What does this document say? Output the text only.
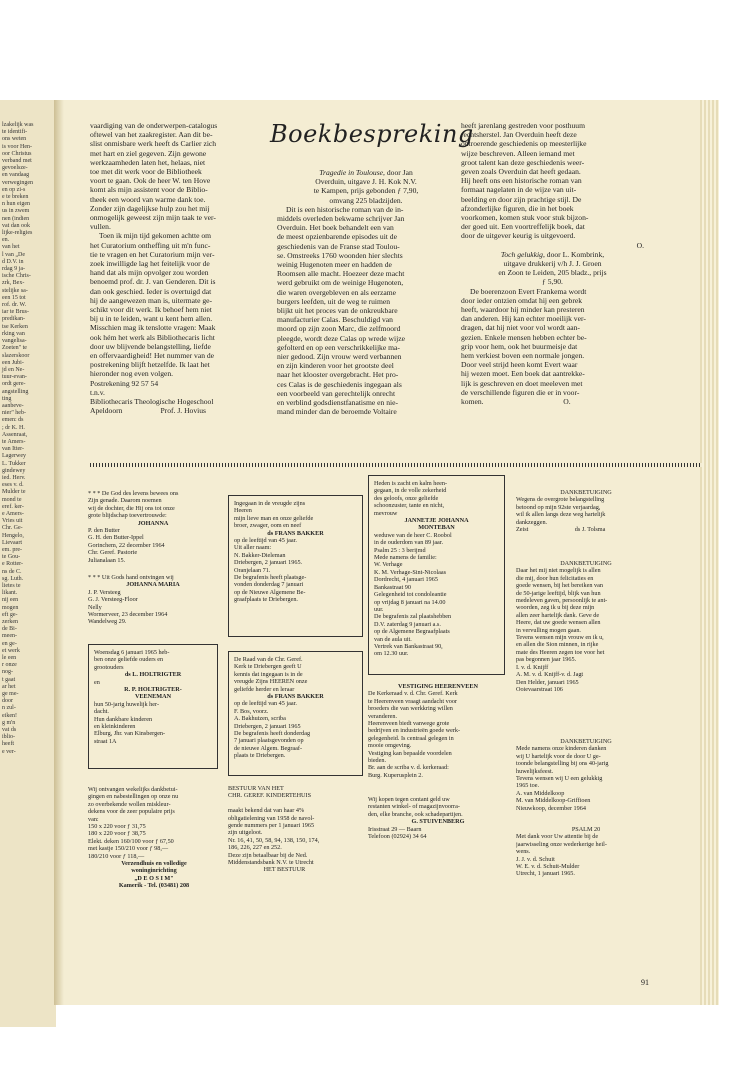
lzakelijk was
te identifi-
ons weten
is voor Hen-
oor Christus
verband met
gevoelsze-
en vandaag
verwegingen
en op zi-s
e te breken
n hun eigen
us in zwem
nen (indien
vat dan ook
lijke-religies
en.
van het
l van „De
d D.V. in
rdag 9 ja-
ische Chris-
zrk, Bex-
stelijke sa-
een 15 tot
rof. dr. W.
iar te Brus-
predikan-
tse Kerken
rking van
vangelisa-
Zoeten" te
slazerskoor
een Jubi-
jd en Ne-
tuur-evan-
ordt gere-
angstelling
ting
aanbeve-
nier" heb-
emen: ds
; dr K. H.
Assenraat,
te Amers-
van Itter-
Lagerwey
L. Tukker
gindewey
ied. Herv.
eses v. d.
Mulder te
mond te
eref. ker-
e Amers-
Vries uit
Chr. Ge-
Hengelo,
Lievaart
em. pre-
te Gou-
e Rotter-
ns de C.
sg. Luth.
lietes te
likant.
nij een
mogen
eft ge-
zerken
de Bi-
meen-
en ge-
et werk
le een
r onze
nog-
t gaat
ar het
ge me-
door
n zul-
eiken!
g m'n
vat ds
iblio-
heeft
e ver-
vaardiging van de onderwerpen-catalogus
oftewel van het zaakregister. Aan dit be-
slist onmisbare werk heeft ds Carlier zich
met hart en ziel gegeven. Zijn gewone
werkzaamheden laten het, helaas, niet
toe met dit werk voor de Bibliotheek
voort te gaan. Ook de heer W. ten Hove
komt als mijn assistent voor de Biblio-
theek een woord van warme dank toe.
Zonder zijn dagelijkse hulp zou het mij
onmogelijk geweest zijn mijn taak te ver-
vullen.
Toen ik mijn tijd gekomen achtte om
het Curatorium ontheffing uit m'n func-
tie te vragen en het Curatorium mijn ver-
zoek inwilligde lag het feitelijk voor de
hand dat als mijn opvolger zou worden
benoemd prof. dr. J. van Genderen. Dit is
dan ook geschied. Ieder is overtuigd dat
hij de aangewezen man is, uitermate ge-
schikt voor dit werk. Ik behoef hem niet
bij u in te leiden, want u kent hem allen.
Misschien mag ik tenslotte vragen: Maak
ook hém het werk als Bibliothecaris licht
door uw blijvende belangstelling, liefde
en offervaardigheid! Het nummer van de
postrekening blijft hetzelfde. Ik laat het
hieronder nog even volgen.
Postrekening 92 57 54
t.n.v.
Bibliothecaris Theologische Hogeschool
Apeldoorn                    Prof. J. Hovius
Boekbespreking
Tragedie in Toulouse, door Jan
Overduin, uitgave J. H. Kok N.V.
te Kampen, prijs gebonden ƒ 7,90,
omvang 225 bladzijden.
Dit is een historische roman van de in-
middels overleden bekwame schrijver Jan
Overduin. Het boek behandelt een van
de meest opzienbarende episodes uit de
geschiedenis van de Franse stad Toulou-
se. Omstreeks 1760 woonden hier slechts
weinig Hugenoten meer en hadden de
Roomsen alle macht. Hoezeer deze macht
werd gebruikt om de weinige Hugenoten,
die waren overgebleven en als eerzame
burgers leefden, uit de weg te ruimen
blijkt uit het proces van de onkreukbare
manufacturier Calas. Beschuldigd van
moord op zijn zoon Marc, die zelfmoord
pleegde, wordt deze Calas op wrede wijze
gefolterd en op een verschrikkelijke ma-
nier gedood. Zijn vrouw werd verbannen
en zijn kinderen voor het grootste deel
naar het klooster overgebracht. Het pro-
ces Calas is de geschiedenis ingegaan als
een voorbeeld van gerechtelijk onrecht
en verblind godsdienstfanatisme en nie-
mand minder dan de beroemde Voltaire
heeft jarenlang gestreden voor posthuum
rechtsherstel. Jan Overduin heeft deze
ontroerende geschiedenis op meesterlijke
wijze beschreven. Alleen iemand met
groot talent kan deze geschiedenis weer-
geven zoals Overduin dat heeft gedaan.
Hij heeft ons een historische roman van
formaat nagelaten in de wijze van uit-
beelding en door zijn prachtige stijl. De
afzonderlijke figuren, die in het boek
voorkomen, komen stuk voor stuk bijzon-
der goed uit. Een voortreffelijk boek, dat
door de uitgever keurig is uitgevoerd.
O.
Toch gelukkig, door L. Kombrink,
uitgave drukkerij v/h J. J. Groen
en Zoon te Leiden, 205 bladz., prijs
ƒ 5,90.
De boerenzoon Evert Frankema wordt
door ieder ontzien omdat hij een gebrek
heeft, waardoor hij minder kan presteren
dan anderen. Hij kan echter moeilijk ver-
dragen, dat hij niet voor vol wordt aan-
gezien. Enkele mensen hebben echter be-
grip voor hem, ook het buurmeisje dat
hem verkiest boven een normale jongen.
Door veel strijd heen komt Evert waar
hij wezen moet. Een boek dat aantrekke-
lijk is geschreven en doet meeleven met
de verschillende figuren die er in voor-
komen.                                          O.
* * * De God des levens bewees ons
Zijn genade. Daarom noemen
wij de dochter, die Hij ons tot onze
grote blijdschap toevertrouwde:
JOHANNA
P. den Butter
G. H. den Butter-Ippel
Gorinchem, 22 december 1964
Chr. Geref. Pastorie
Julianalaan 15.
* * * Uit Gods hand ontvingen wij
JOHANNA MARIA
J. P. Versteeg
G. J. Versteeg-Floor
Nelly
Wormerveer, 23 december 1964
Wandelweg 29.
Woensdag 6 januari 1965 heb-
ben onze geliefde ouders en
grootouders
ds L. HOLTRIGTER
en
R. P. HOLTRIGTER-
VEENEMAN
hun 50-jarig huwelijk her-
dacht.
Hun dankbare kinderen
en kleinkinderen
Elburg, Jhr. van Kinsbergen-
straat 1A
Wij ontvangen wekelijks dankbetui-
gingen en nabestellingen op onze nu
zo overbekende wollen miskleur-
dekens voor de zeer populaire prijs
van:
150 x 220 voor ƒ 31,75
180 x 220 voor ƒ 38,75
Elekt. deken 160/100 voor ƒ 67,50
met kastje 150/210 voor ƒ 98,—
180/210 voor ƒ 118,—
Verzendhuis en volledige
woninginrichting
„D E O S I M"
Kamerik - Tel. (03481) 208
Ingegaan in de vreugde zijns
Heeren
mijn lieve man en onze geliefde
broer, zwager, oom en neef
ds FRANS BAKKER
op de leeftijd van 45 jaar.
Uit aller naam:
N. Bakker-Dieleman
Driebergen, 2 januari 1965.
Oranjelaan 71.
De begrafenis heeft plaatsge-
vonden donderdag 7 januari
op de Nieuwe Algemene Be-
graafplaats te Driebergen.
De Raad van de Chr. Geref.
Kerk te Driebergen geeft U
kennis dat ingegaan is in de
vreugde Zijns HEEREN onze
geliefde herder en leraar
ds FRANS BAKKER
op de leeftijd van 45 jaar.
F. Bos, voorz.
A. Bakhuizen, scriba
Driebergen, 2 januari 1965
De begrafenis heeft donderdag
7 januari plaatsgevonden op
de nieuwe Algem. Begraaf-
plaats te Driebergen.
BESTUUR VAN HET
CHR. GEREF. KINDERTEHUIS

maakt bekend dat van haar 4%
obligatielening van 1958 de navol-
gende nummers per 1 januari 1965
zijn uitgeloot.
Nr. 16, 41, 50, 58, 94, 138, 150, 174,
186, 226, 227 en 252.
Deze zijn betaalbaar bij de Ned.
Middenstandsbank N.V. te Utrecht
HET BESTUUR
Heden is zacht en kalm heen-
gegaan, in de volle zekerheid
des geloofs, onze geliefde
schoonzuster, tante en nicht,
mevrouw
JANNETJE JOHANNA
MONTEBAN
weduwe van de heer C. Roobol
in de ouderdom van 89 jaar.
Psalm 25 : 3 berijmd
Mede namens de familie:
W. Verhage
K. M. Verhage-Sint-Nicolaas
Dordrecht, 4 januari 1965
Bankastraat 90
Gelegenheid tot condoleantie
op vrijdag 8 januari na 14.00
uur.
De begrafenis zal plaatshebben
D.V. zaterdag 9 januari a.s.
op de Algemene Begraafplaats
van de aula uit.
Vertrek van Bankastraat 90,
om 12.30 uur.
VESTIGING HEERENVEEN
De Kerkeraad v. d. Chr. Geref. Kerk
te Heerenveen vraagt aandacht voor
broeders die van werkkring willen
veranderen.
Heerenveen biedt vanwege grote
bedrijven en industrieën goede werk-
gelegenheid. Is centraal gelegen in
mooie omgeving.
Vestiging kan bepaalde voordelen
bieden.
Br. aan de scriba v. d. kerkeraad:
Burg. Kuperusplein 2.
Wij kopen tegen contant geld uw
restanten winkel- of magazijnvoorra-
den, elke branche, ook schadepartijen.
G. STUIVENBERG
Irisstraat 29 — Baarn
Telefoon (02924) 34 64
DANKBETUIGING
Wegens de overgrote belangstelling
betoond op mijn 92ste verjaardag,
wil ik allen langs deze weg hartelijk
dankzeggen.
Zeist                              ds J. Tolsma
DANKBETUIGING
Daar het mij niet mogelijk is allen
die mij, door hun felicitaties en
goede wensen, bij het bereiken van
de 50-jarige leeftijd, blijk van hun
medeleven gaven, persoonlijk te ant-
woorden, zeg ik u bij deze mijn
allen zeer hartelijk dank. Geve de
Heere, dat uw goede wensen allen
in vervulling mogen gaan.
Tevens wensen mijn vrouw en ik u,
en allen die Sion minnen, in rijke
mate des Heeren zegen toe voor het
pas begonnen jaar 1965.
I. v. d. Knijff
A. M. v. d. Knijff-v. d. Jagt
Den Helder, januari 1965
Ooievaarstraat 106
DANKBETUIGING
Mede namens onze kinderen danken
wij U hartelijk voor de door U ge-
toonde belangstelling bij ons 40-jarig
huwelijksfeest.
Tevens wensen wij U een gelukkig
1965 toe.
A. van Middelkoop
M. van Middelkoop-Griffioen
Nieuwkoop, december 1964
PSALM 20
Met dank voor Uw attentie bij de
jaarwisseling onze wederkerige heil-
wens.
J. J. v. d. Schuit
W. E. v. d. Schuit-Mulder
Utrecht, 1 januari 1965.
91
